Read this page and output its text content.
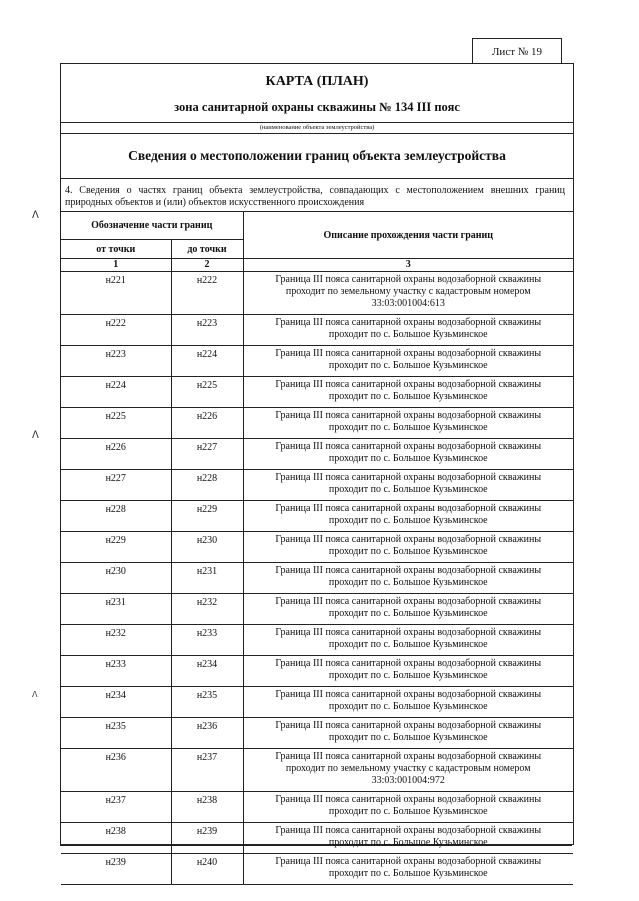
Лист № 19
ⴷ
ⴷ
ⴷ
КАРТА (ПЛАН)
зона санитарной охраны скважины № 134 III пояс
(наименование объекта землеустройства)
Сведения о местоположении границ объекта землеустройства
4. Сведения о частях границ объекта землеустройства, совпадающих с местоположением внешних границ природных объектов и (или) объектов искусственного происхождения
Обозначение части границ		Описание прохождения части границ
от точки	до точки	
1	2	3
н221	н222	Граница III пояса санитарной охраны водозаборной скважины
проходит по земельному участку с кадастровым номером
33:03:001004:613

н222	н223	Граница III пояса санитарной охраны водозаборной скважины
проходит по с. Большое Кузьминское

н223	н224	Граница III пояса санитарной охраны водозаборной скважины
проходит по с. Большое Кузьминское

н224	н225	Граница III пояса санитарной охраны водозаборной скважины
проходит по с. Большое Кузьминское

н225	н226	Граница III пояса санитарной охраны водозаборной скважины
проходит по с. Большое Кузьминское

н226	н227	Граница III пояса санитарной охраны водозаборной скважины
проходит по с. Большое Кузьминское

н227	н228	Граница III пояса санитарной охраны водозаборной скважины
проходит по с. Большое Кузьминское

н228	н229	Граница III пояса санитарной охраны водозаборной скважины
проходит по с. Большое Кузьминское

н229	н230	Граница III пояса санитарной охраны водозаборной скважины
проходит по с. Большое Кузьминское

н230	н231	Граница III пояса санитарной охраны водозаборной скважины
проходит по с. Большое Кузьминское

н231	н232	Граница III пояса санитарной охраны водозаборной скважины
проходит по с. Большое Кузьминское

н232	н233	Граница III пояса санитарной охраны водозаборной скважины
проходит по с. Большое Кузьминское

н233	н234	Граница III пояса санитарной охраны водозаборной скважины
проходит по с. Большое Кузьминское

н234	н235	Граница III пояса санитарной охраны водозаборной скважины
проходит по с. Большое Кузьминское

н235	н236	Граница III пояса санитарной охраны водозаборной скважины
проходит по с. Большое Кузьминское

н236	н237	Граница III пояса санитарной охраны водозаборной скважины
проходит по земельному участку с кадастровым номером
33:03:001004:972

н237	н238	Граница III пояса санитарной охраны водозаборной скважины
проходит по с. Большое Кузьминское

н238	н239	Граница III пояса санитарной охраны водозаборной скважины
проходит по с. Большое Кузьминское

н239	н240	Граница III пояса санитарной охраны водозаборной скважины
проходит по с. Большое Кузьминское
